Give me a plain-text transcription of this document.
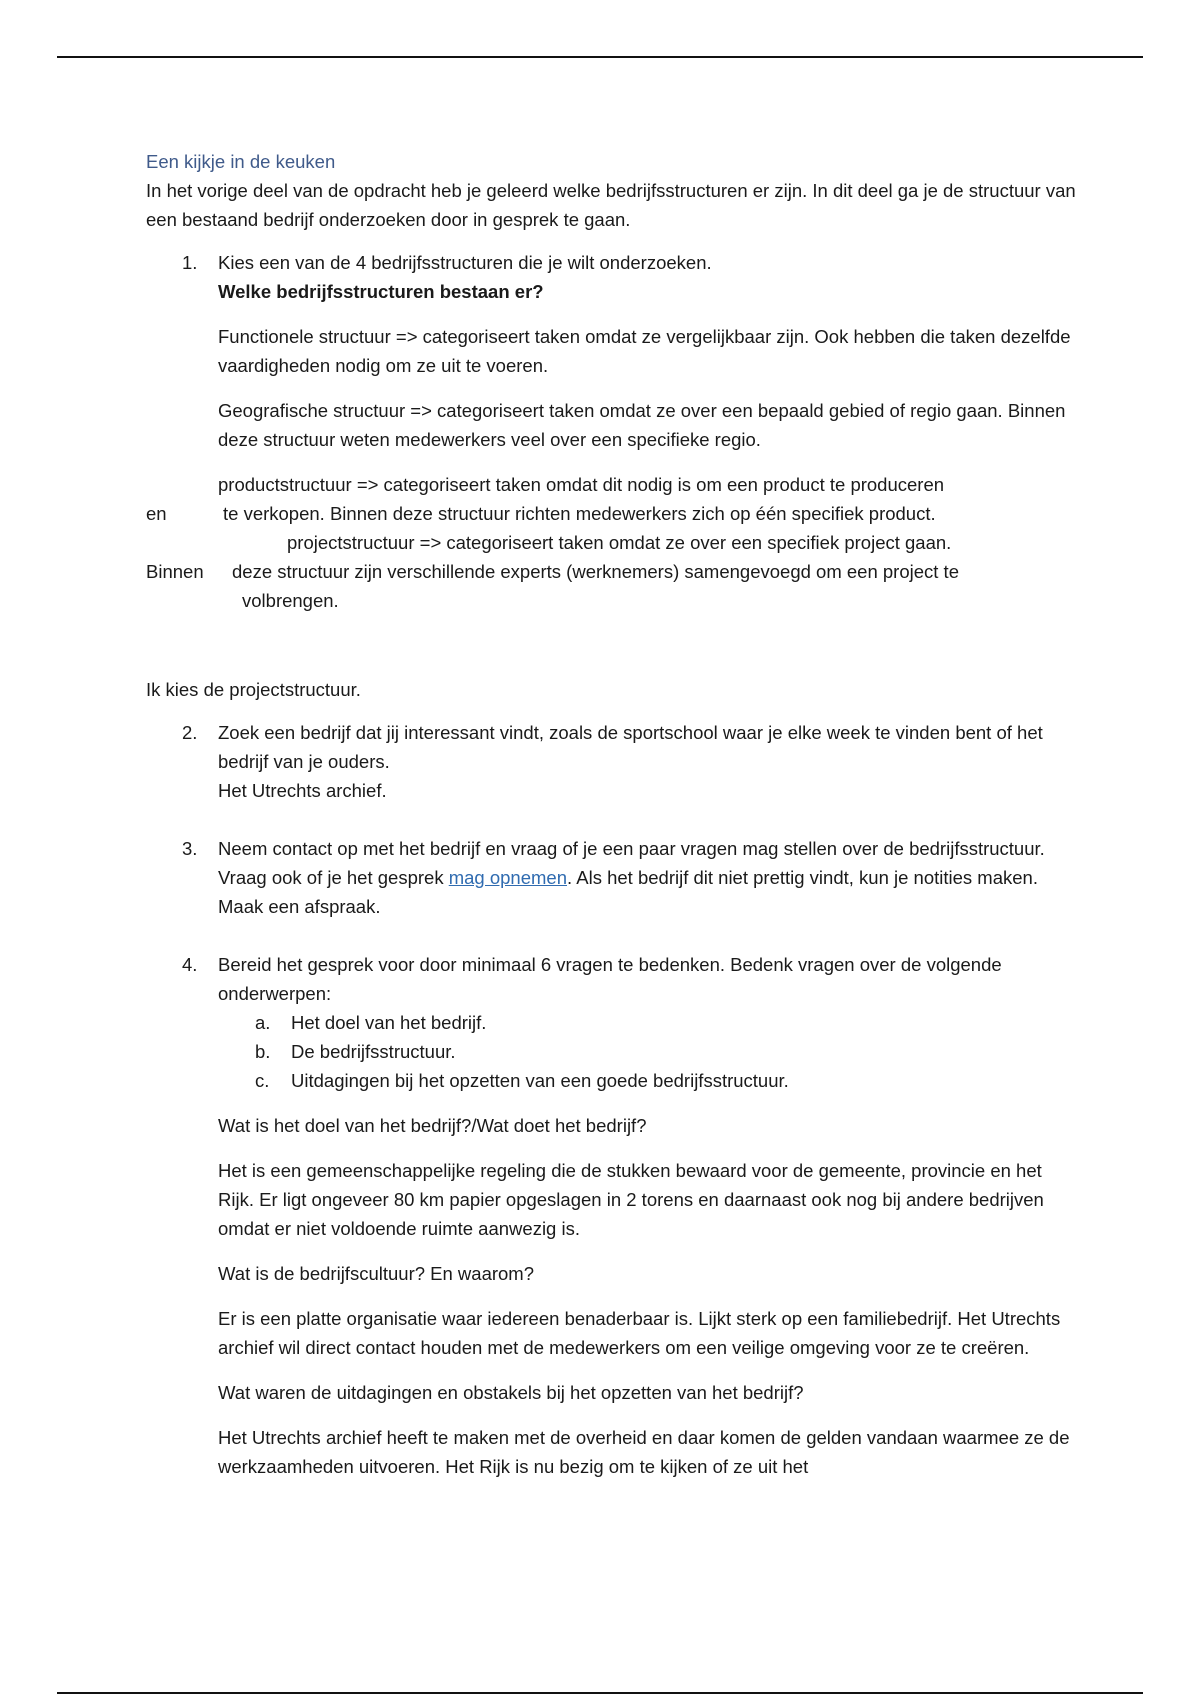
Een kijkje in de keuken

In het vorige deel van de opdracht heb je geleerd welke bedrijfsstructuren er zijn. In dit deel ga je de structuur van een bestaand bedrijf onderzoeken door in gesprek te gaan.

1. Kies een van de 4 bedrijfsstructuren die je wilt onderzoeken.
Welke bedrijfsstructuren bestaan er?

Functionele structuur => categoriseert taken omdat ze vergelijkbaar zijn. Ook hebben die taken dezelfde vaardigheden nodig om ze uit te voeren.

Geografische structuur => categoriseert taken omdat ze over een bepaald gebied of regio gaan. Binnen deze structuur weten medewerkers veel over een specifieke regio.

productstructuur => categoriseert taken omdat dit nodig is om een product te produceren
en	te verkopen. Binnen deze structuur richten medewerkers zich op één specifiek product.
projectstructuur => categoriseert taken omdat ze over een specifiek project gaan.
Binnen deze structuur zijn verschillende experts (werknemers) samengevoegd om een project te
volbrengen.

Ik kies de projectstructuur.

2. Zoek een bedrijf dat jij interessant vindt, zoals de sportschool waar je elke week te vinden bent of het bedrijf van je ouders.
Het Utrechts archief.
3. Neem contact op met het bedrijf en vraag of je een paar vragen mag stellen over de bedrijfsstructuur. Vraag ook of je het gesprek mag opnemen. Als het bedrijf dit niet prettig vindt, kun je notities maken. Maak een afspraak.
4. Bereid het gesprek voor door minimaal 6 vragen te bedenken. Bedenk vragen over de volgende onderwerpen:
a. Het doel van het bedrijf.
b. De bedrijfsstructuur.
c. Uitdagingen bij het opzetten van een goede bedrijfsstructuur.

Wat is het doel van het bedrijf?/Wat doet het bedrijf?

Het is een gemeenschappelijke regeling die de stukken bewaard voor de gemeente, provincie en het Rijk. Er ligt ongeveer 80 km papier opgeslagen in 2 torens en daarnaast ook nog bij andere bedrijven omdat er niet voldoende ruimte aanwezig is.

Wat is de bedrijfscultuur? En waarom?

Er is een platte organisatie waar iedereen benaderbaar is. Lijkt sterk op een familiebedrijf. Het Utrechts archief wil direct contact houden met de medewerkers om een veilige omgeving voor ze te creëren.

Wat waren de uitdagingen en obstakels bij het opzetten van het bedrijf?

Het Utrechts archief heeft te maken met de overheid en daar komen de gelden vandaan waarmee ze de werkzaamheden uitvoeren. Het Rijk is nu bezig om te kijken of ze uit het
